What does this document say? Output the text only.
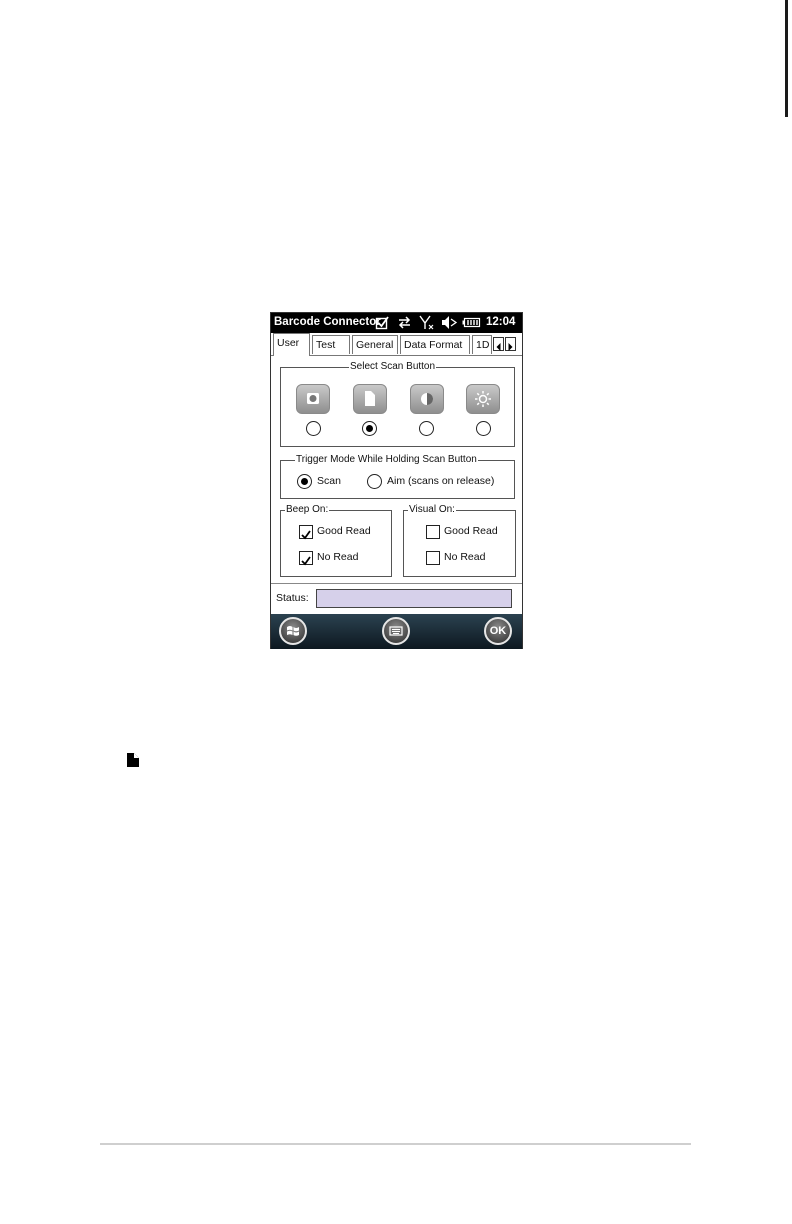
Barcode Connector	12:04
User	Test	General	Data Format	1D
Select Scan Button
Trigger Mode While Holding Scan Button
Scan	Aim (scans on release)
Beep On:
Good Read
No Read
Visual On:
Good Read
No Read
Status:
OK
